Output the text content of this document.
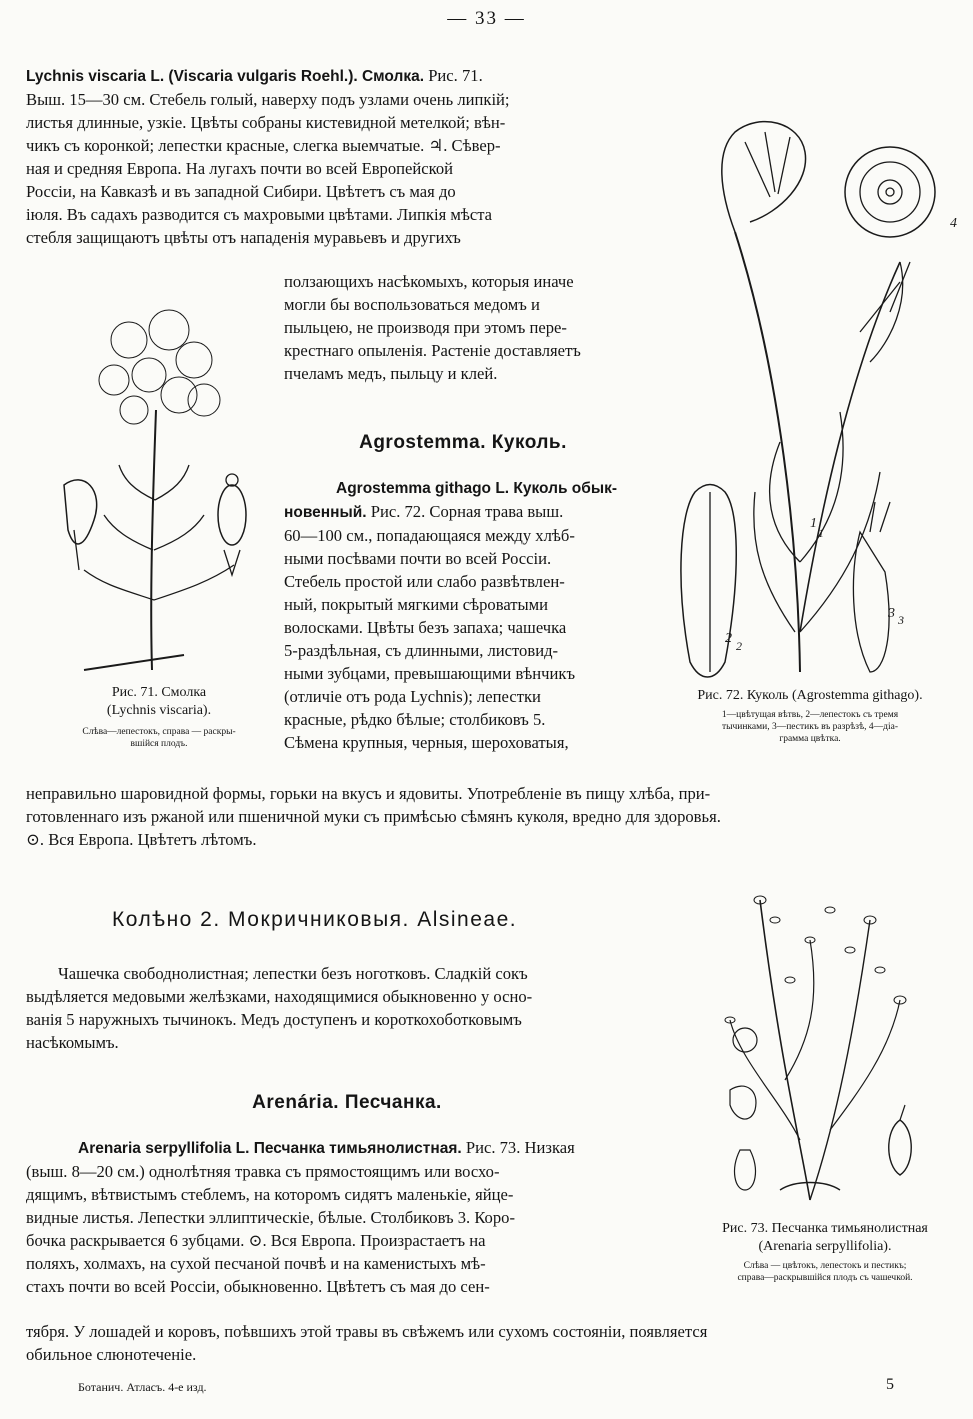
— 33 —

Lychnis viscaria L. (Viscaria vulgaris Roehl.). Смолка. Рис. 71.

Выш. 15—30 см. Стебель голый, наверху подъ узлами очень липкій;

листья длинные, узкіе. Цвѣты собраны кистевидной метелкой; вѣн-

чикъ съ коронкой; лепестки красные, слегка выемчатые. ♃. Сѣвер-

ная и средняя Европа. На лугахъ почти во всей Европейской

Россіи, на Кавказѣ и въ западной Сибири. Цвѣтетъ съ мая до

іюля. Въ садахъ разводится съ махровыми цвѣтами. Липкія мѣста

стебля защищаютъ цвѣты отъ нападенія муравьевъ и другихъ

ползающихъ насѣкомыхъ, которыя иначе

могли бы воспользоваться медомъ и

пыльцею, не производя при этомъ пере-

крестнаго опыленія. Растеніе доставляетъ

пчеламъ медъ, пыльцу и клей.

Рис. 71. Смолка
(Lychnis viscaria).
Слѣва—лепестокъ, справа — раскры-
вшійся плодъ.
Agrostemma. Куколь.

Agrostemma githago L. Куколь обык-

новенный. Рис. 72. Сорная трава выш.

60—100 см., попадающаяся между хлѣб-

ными посѣвами почти во всей Россіи.

Стебель простой или слабо развѣтвлен-

ный, покрытый мягкими сѣроватыми

волосками. Цвѣты безъ запаха; чашечка

5-раздѣльная, съ длинными, листовид-

ными зубцами, превышающими вѣнчикъ

(отличіе отъ рода Lychnis); лепестки

красные, рѣдко бѣлые; столбиковъ 5.

Сѣмена крупныя, черныя, шероховатыя,

неправильно шаровидной формы, горьки на вкусъ и ядовиты. Употребленіе въ пищу хлѣба, при-

готовленнаго изъ ржаной или пшеничной муки съ примѣсью сѣмянъ куколя, вредно для здоровья.

⊙. Вся Европа. Цвѣтетъ лѣтомъ.

4
1
1
2
3 3
2
Рис. 72. Куколь (Agrostemma githago).
1—цвѣтущая вѣтвь, 2—лепестокъ съ тремя
тычинками, 3—пестикъ въ разрѣзѣ, 4—діа-
грамма цвѣтка.
Колѣно 2. Мокричниковыя. Alsineae.

Чашечка свободнолистная; лепестки безъ ноготковъ. Сладкій сокъ

выдѣляется медовыми желѣзками, находящимися обыкновенно у осно-

ванія 5 наружныхъ тычинокъ. Медъ доступенъ и короткохоботковымъ

насѣкомымъ.

Arenária. Песчанка.

Arenaria serpyllifolia L. Песчанка тимьянолистная. Рис. 73. Низкая

(выш. 8—20 см.) однолѣтняя травка съ прямостоящимъ или восхо-

дящимъ, вѣтвистымъ стеблемъ, на которомъ сидятъ маленькіе, яйце-

видные листья. Лепестки эллиптическіе, бѣлые. Столбиковъ 3. Коро-

бочка раскрывается 6 зубцами. ⊙. Вся Европа. Произрастаетъ на

поляхъ, холмахъ, на сухой песчаной почвѣ и на каменистыхъ мѣ-

стахъ почти во всей Россіи, обыкновенно. Цвѣтетъ съ мая до сен-

тября. У лошадей и коровъ, поѣвшихъ этой травы въ свѣжемъ или сухомъ состояніи, появляется

обильное слюнотеченіе.

Рис. 73. Песчанка тимьянолистная
(Arenaria serpyllifolia).
Слѣва — цвѣтокъ, лепестокъ и пестикъ;
справа—раскрывшійся плодъ съ чашечкой.
Ботанич. Атласъ. 4-е изд.	5
